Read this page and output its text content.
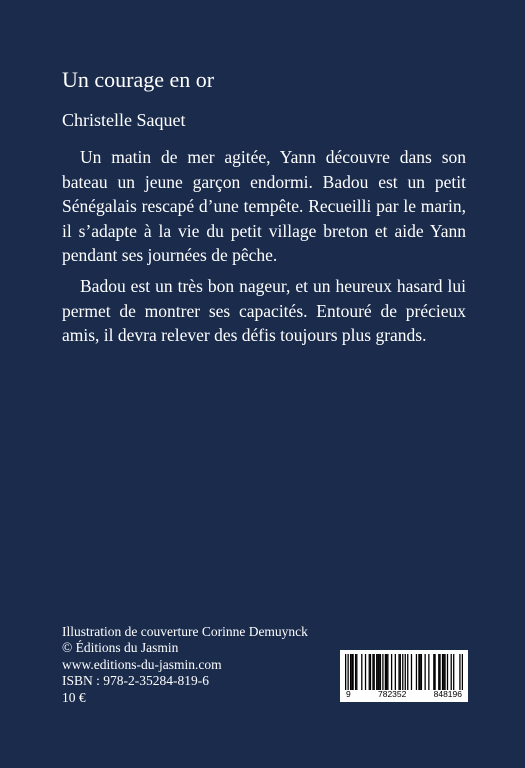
Un courage en or
Christelle Saquet

Un matin de mer agitée, Yann découvre dans son bateau un jeune garçon endormi. Badou est un petit Sénégalais rescapé d’une tempête. Recueilli par le marin, il s’adapte à la vie du petit village breton et aide Yann pendant ses journées de pêche.

Badou est un très bon nageur, et un heureux hasard lui permet de montrer ses capacités. Entouré de précieux amis, il devra relever des défis toujours plus grands.

Illustration de couverture Corinne Demuynck
© Éditions du Jasmin
www.editions-du-jasmin.com
ISBN : 978-2-35284-819-6
10 €	9	782352	848196
